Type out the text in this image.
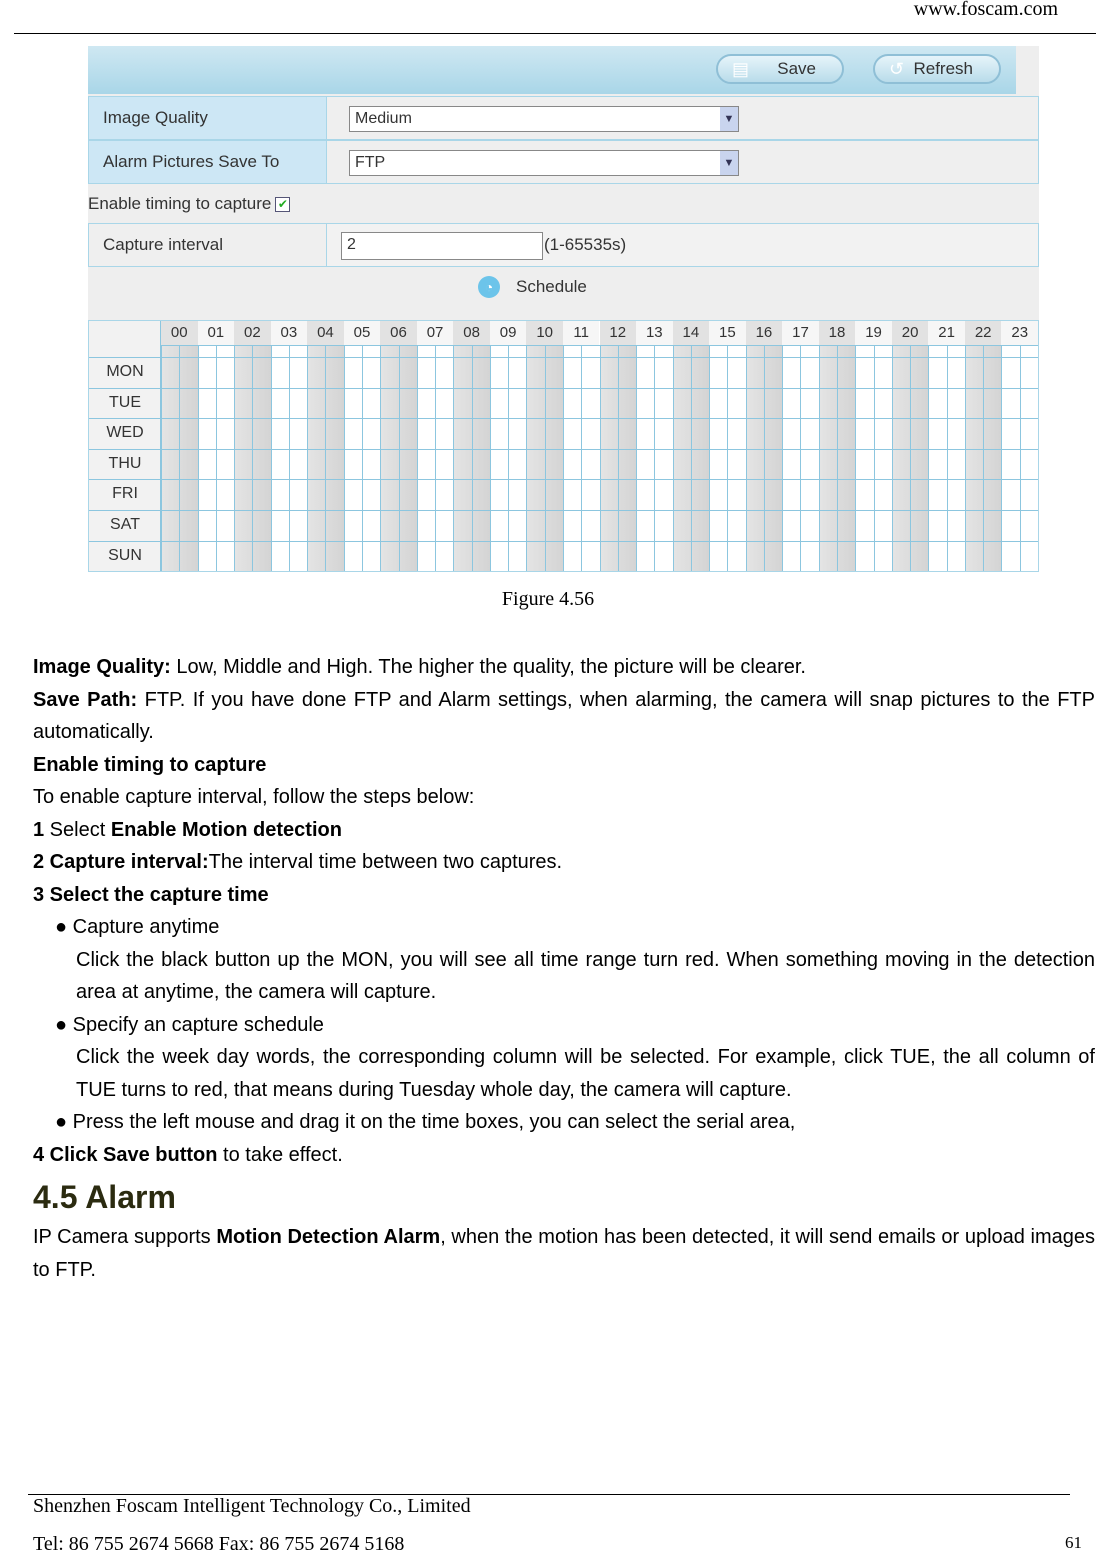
www.foscam.com
▤ Save	↺ Refresh
Image Quality	Medium	▼
Alarm Pictures Save To	FTP	▼
Enable timing to capture ✔
Capture interval	2	(1-65535s)
◔	Schedule
00	01	02	03	04	05	06	07	08	09	10	11	12	13	14	15	16	17	18	19	20	21	22	23
MON
TUE
WED
THU
FRI
SAT
SUN
Figure 4.56

Image Quality: Low, Middle and High. The higher the quality, the picture will be clearer.

Save Path: FTP. If you have done FTP and Alarm settings, when alarming, the camera will snap pictures to the FTP automatically.

Enable timing to capture

To enable capture interval, follow the steps below:

1 Select Enable Motion detection

2 Capture interval:The interval time between two captures.

3 Select the capture time

● Capture anytime

Click the black button up the MON, you will see all time range turn red. When something moving in the detection area at anytime, the camera will capture.

● Specify an capture schedule

Click the week day words, the corresponding column will be selected. For example, click TUE, the all column of TUE turns to red, that means during Tuesday whole day, the camera will capture.

● Press the left mouse and drag it on the time boxes, you can select the serial area,

4 Click Save button to take effect.

4.5 Alarm

IP Camera supports Motion Detection Alarm, when the motion has been detected, it will send emails or upload images to FTP.

Shenzhen Foscam Intelligent Technology Co., Limited
Tel: 86 755 2674 5668 Fax: 86 755 2674 5168	61
